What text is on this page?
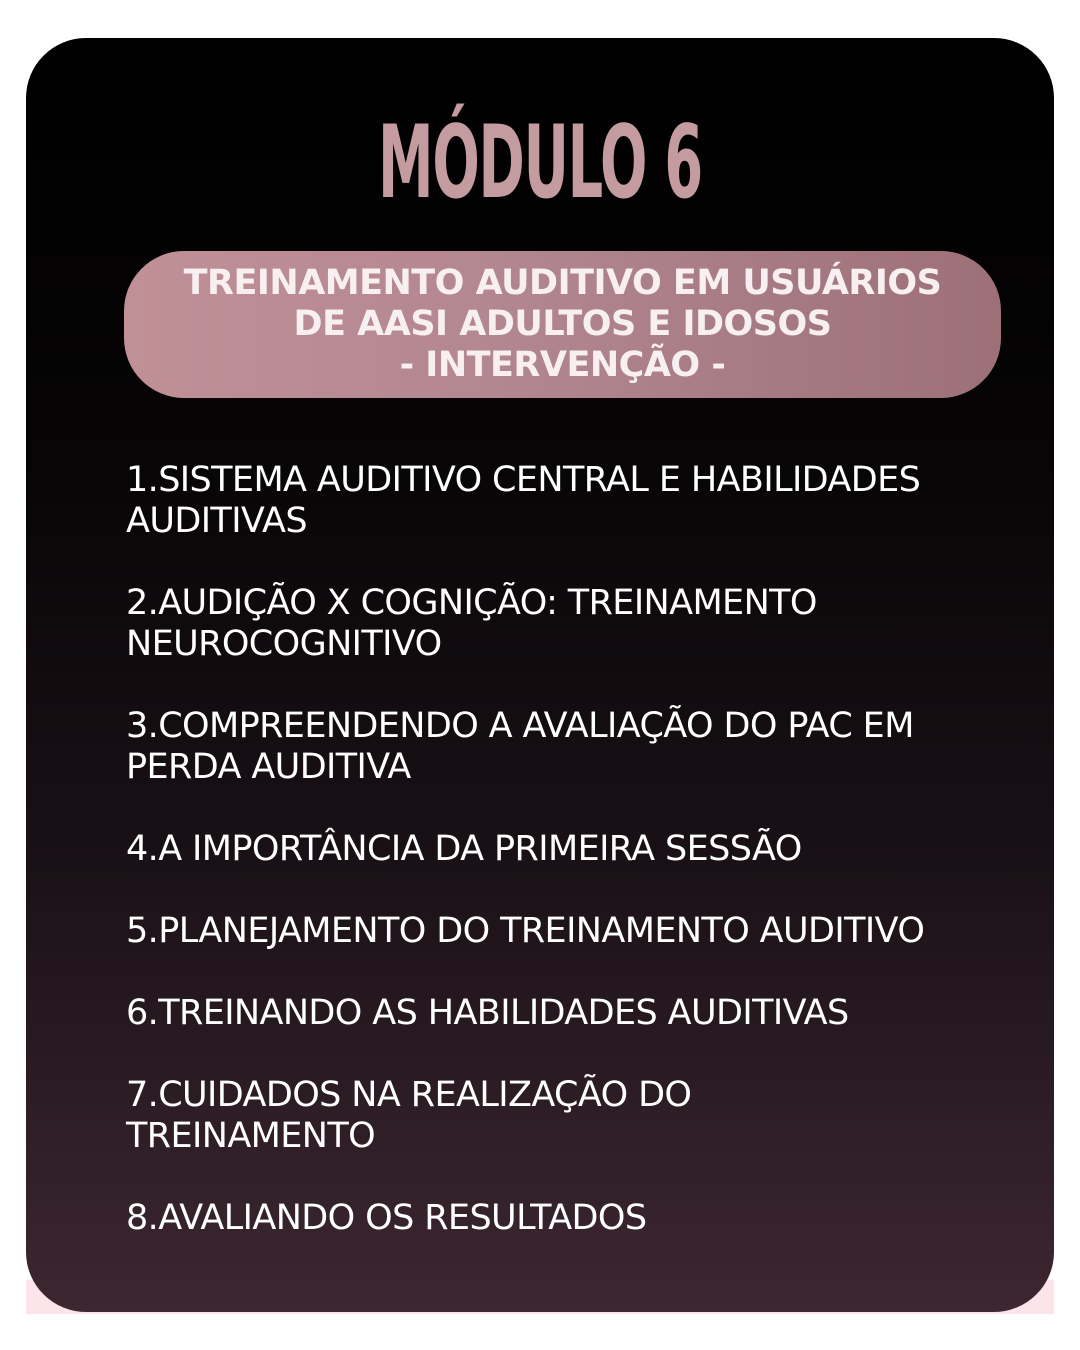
MÓDULO 6
TREINAMENTO AUDITIVO EM USUÁRIOS
DE AASI ADULTOS E IDOSOS
- INTERVENÇÃO -
1.SISTEMA AUDITIVO CENTRAL E HABILIDADES
AUDITIVAS
2.AUDIÇÃO X COGNIÇÃO: TREINAMENTO
NEUROCOGNITIVO
3.COMPREENDENDO A AVALIAÇÃO DO PAC EM
PERDA AUDITIVA
4.A IMPORTÂNCIA DA PRIMEIRA SESSÃO
5.PLANEJAMENTO DO TREINAMENTO AUDITIVO
6.TREINANDO AS HABILIDADES AUDITIVAS
7.CUIDADOS NA REALIZAÇÃO DO
TREINAMENTO
8.AVALIANDO OS RESULTADOS
